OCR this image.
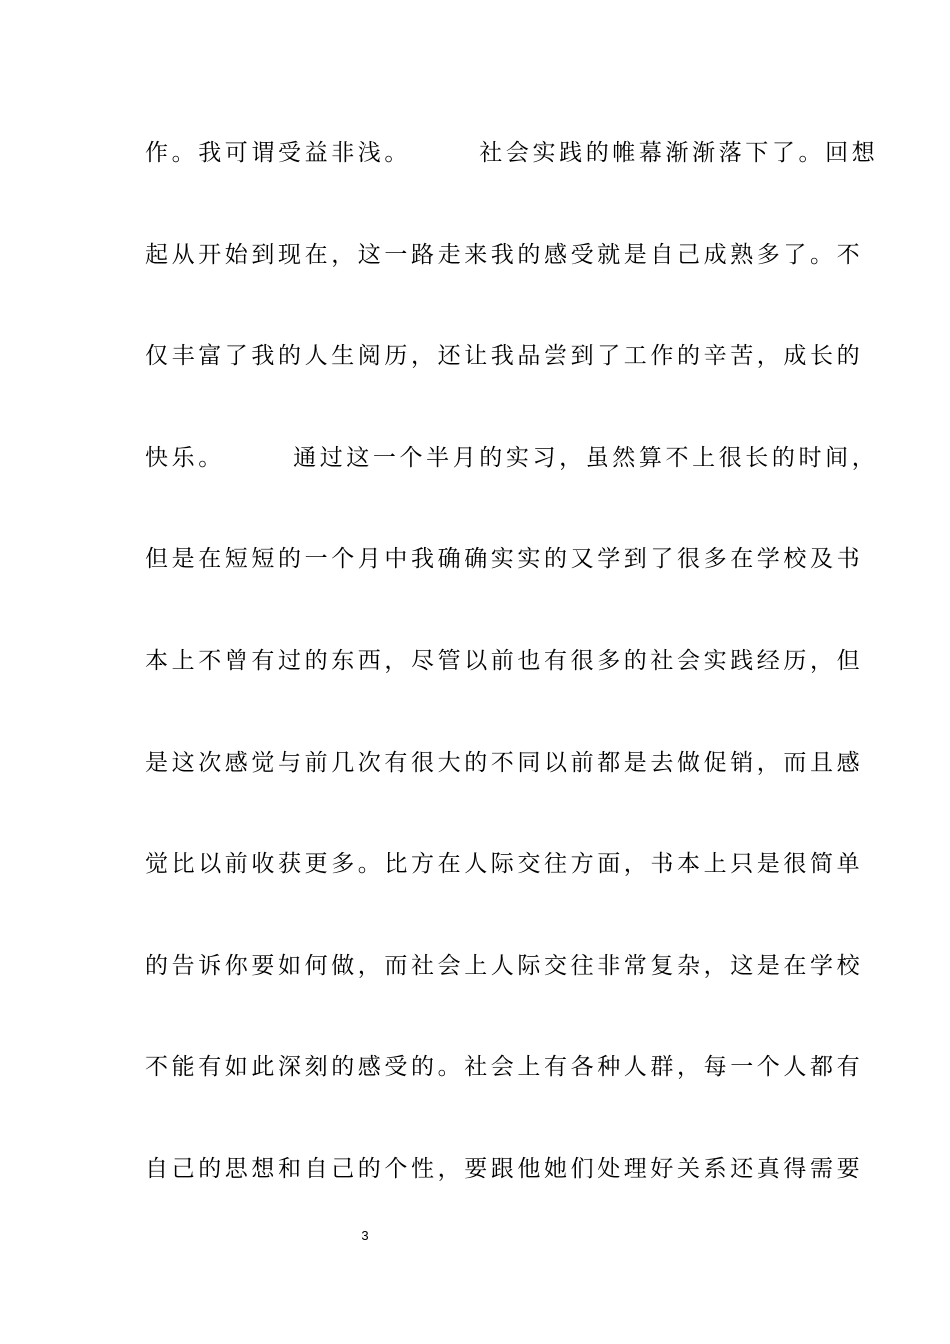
作。我可谓受益非浅。　　　社会实践的帷幕渐渐落下了。回想
起从开始到现在，这一路走来我的感受就是自己成熟多了。不
仅丰富了我的人生阅历，还让我品尝到了工作的辛苦，成长的
快乐。　　　通过这一个半月的实习，虽然算不上很长的时间，
但是在短短的一个月中我确确实实的又学到了很多在学校及书
本上不曾有过的东西，尽管以前也有很多的社会实践经历，但
是这次感觉与前几次有很大的不同以前都是去做促销，而且感
觉比以前收获更多。比方在人际交往方面，书本上只是很简单
的告诉你要如何做，而社会上人际交往非常复杂，这是在学校
不能有如此深刻的感受的。社会上有各种人群，每一个人都有
自己的思想和自己的个性，要跟他她们处理好关系还真得需要
3
